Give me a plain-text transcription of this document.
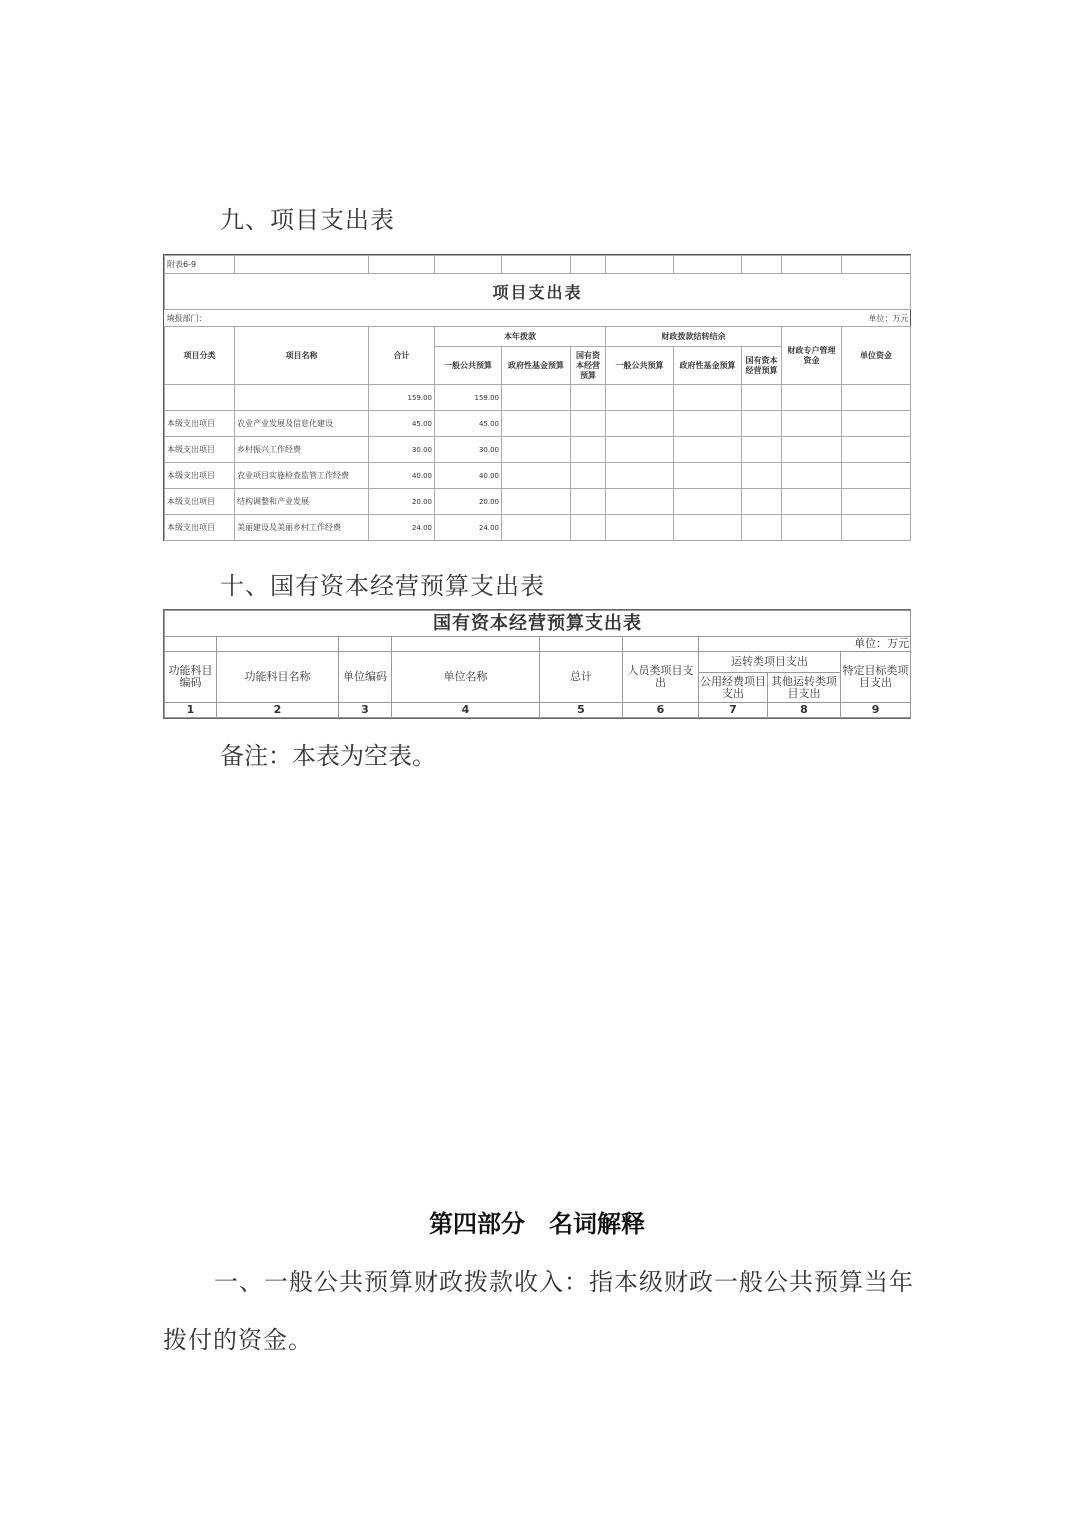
九、项目支出表
附表6-9										
项目支出表										
填报部门：									单位：万元	
项目分类	项目名称	合计	本年拨款			财政拨款结转结余			财政专户管理资金	单位资金
			一般公共预算	政府性基金预算	国有资本经营预算	一般公共预算	政府性基金预算	国有资本经营预算		
		159.00	159.00							
本级支出项目	农业产业发展及信息化建设	45.00	45.00							
本级支出项目	乡村振兴工作经费	30.00	30.00							
本级支出项目	农业项目实施检查监管工作经费	40.00	40.00							
本级支出项目	结构调整和产业发展	20.00	20.00							
本级支出项目	美丽建设及美丽乡村工作经费	24.00	24.00							
十、国有资本经营预算支出表
国有资本经营预算支出表								
							单位：万元	
功能科目编码	功能科目名称	单位编码	单位名称	总计	人员类项目支出	运转类项目支出		特定目标类项目支出
						公用经费项目支出	其他运转类项目支出	
1	2	3	4	5	6	7	8	9
备注：本表为空表。
第四部分　名词解释
一、一般公共预算财政拨款收入：指本级财政一般公共预算当年
拨付的资金。
